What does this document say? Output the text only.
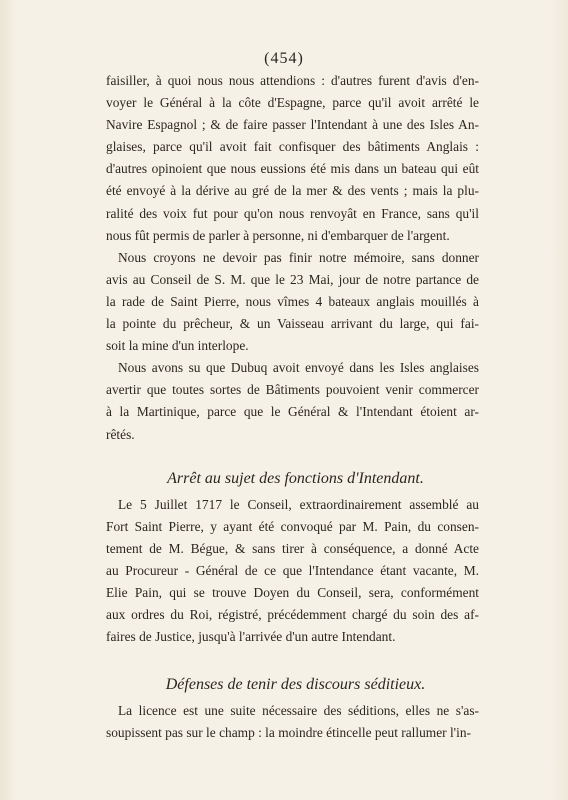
(454)
faisiller, à quoi nous nous attendions : d'autres furent d'avis d'en-
voyer le Général à la côte d'Espagne, parce qu'il avoit arrêté le
Navire Espagnol ; & de faire passer l'Intendant à une des Isles An-
glaises, parce qu'il avoit fait confisquer des bâtiments Anglais :
d'autres opinoient que nous eussions été mis dans un bateau qui eût
été envoyé à la dérive au gré de la mer & des vents ; mais la plu-
ralité des voix fut pour qu'on nous renvoyât en France, sans qu'il
nous fût permis de parler à personne, ni d'embarquer de l'argent.
Nous croyons ne devoir pas finir notre mémoire, sans donner
avis au Conseil de S. M. que le 23 Mai, jour de notre partance de
la rade de Saint Pierre, nous vîmes 4 bateaux anglais mouillés à
la pointe du prêcheur, & un Vaisseau arrivant du large, qui fai-
soit la mine d'un interlope.
Nous avons su que Dubuq avoit envoyé dans les Isles anglaises
avertir que toutes sortes de Bâtiments pouvoient venir commercer
à la Martinique, parce que le Général & l'Intendant étoient ar-
rêtés.
Arrêt au sujet des fonctions d'Intendant.
Le 5 Juillet 1717 le Conseil, extraordinairement assemblé au
Fort Saint Pierre, y ayant été convoqué par M. Pain, du consen-
tement de M. Bégue, & sans tirer à conséquence, a donné Acte
au Procureur - Général de ce que l'Intendance étant vacante, M.
Elie Pain, qui se trouve Doyen du Conseil, sera, conformément
aux ordres du Roi, régistré, précédemment chargé du soin des af-
faires de Justice, jusqu'à l'arrivée d'un autre Intendant.
Défenses de tenir des discours séditieux.
La licence est une suite nécessaire des séditions, elles ne s'as-
soupissent pas sur le champ : la moindre étincelle peut rallumer l'in-
